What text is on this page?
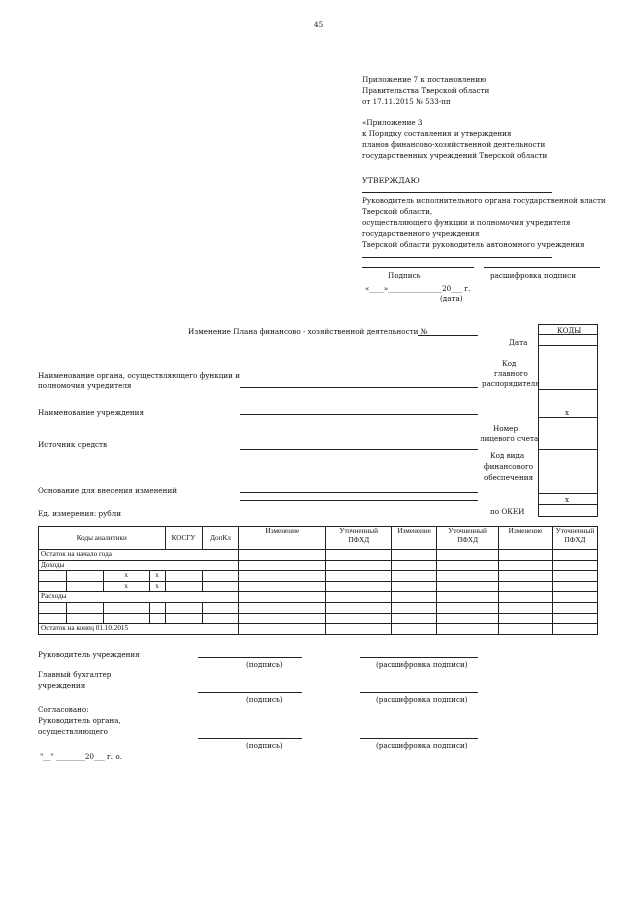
45
Приложение 7 к постановлению
Правительства Тверской области
от 17.11.2015 № 533-пп
«Приложение 3
к Порядку составления и утверждения
планов финансово-хозяйственной деятельности
государственных учреждений Тверской области
УТВЕРЖДАЮ
Руководитель исполнительного органа государственной власти
Тверской области,
осуществляющего функции и полномочия учредителя
государственного учреждения
Тверской области руководитель автономного учреждения
Подпись	расшифровка подписи
«____»_______________20___ г.
(дата)
Изменение Плана финансово - хозяйственной деятельности №	КОДЫ
Дата
Код
главного
распорядителя
Наименование органа, осуществляющего функции и
полномочия учредителя
Наименование учреждения	x
Номер
лицевого счета
Источник средств
Код вида
финансового
обеспечения
Основание для внесения изменений
x
Ед. измерения: рубли	по ОКЕИ
Коды аналитики				КОСГУ	ДопКл	Изменение	Уточненный ПФХД	Изменение	Уточненный ПФХД	Изменение	Уточненный ПФХД
Остаток на начало года											
Доходы											
		x	x								
		x	x								
Расходы											

Остаток на конец 01.10.2015											
Руководитель учреждения
(подпись)	(расшифровка подписи)
Главный бухгалтер
учреждения
(подпись)	(расшифровка подписи)
Согласовано:
Руководитель органа,
осуществляющего
(подпись)	(расшифровка подписи)
"__" ________20___ г. о.
